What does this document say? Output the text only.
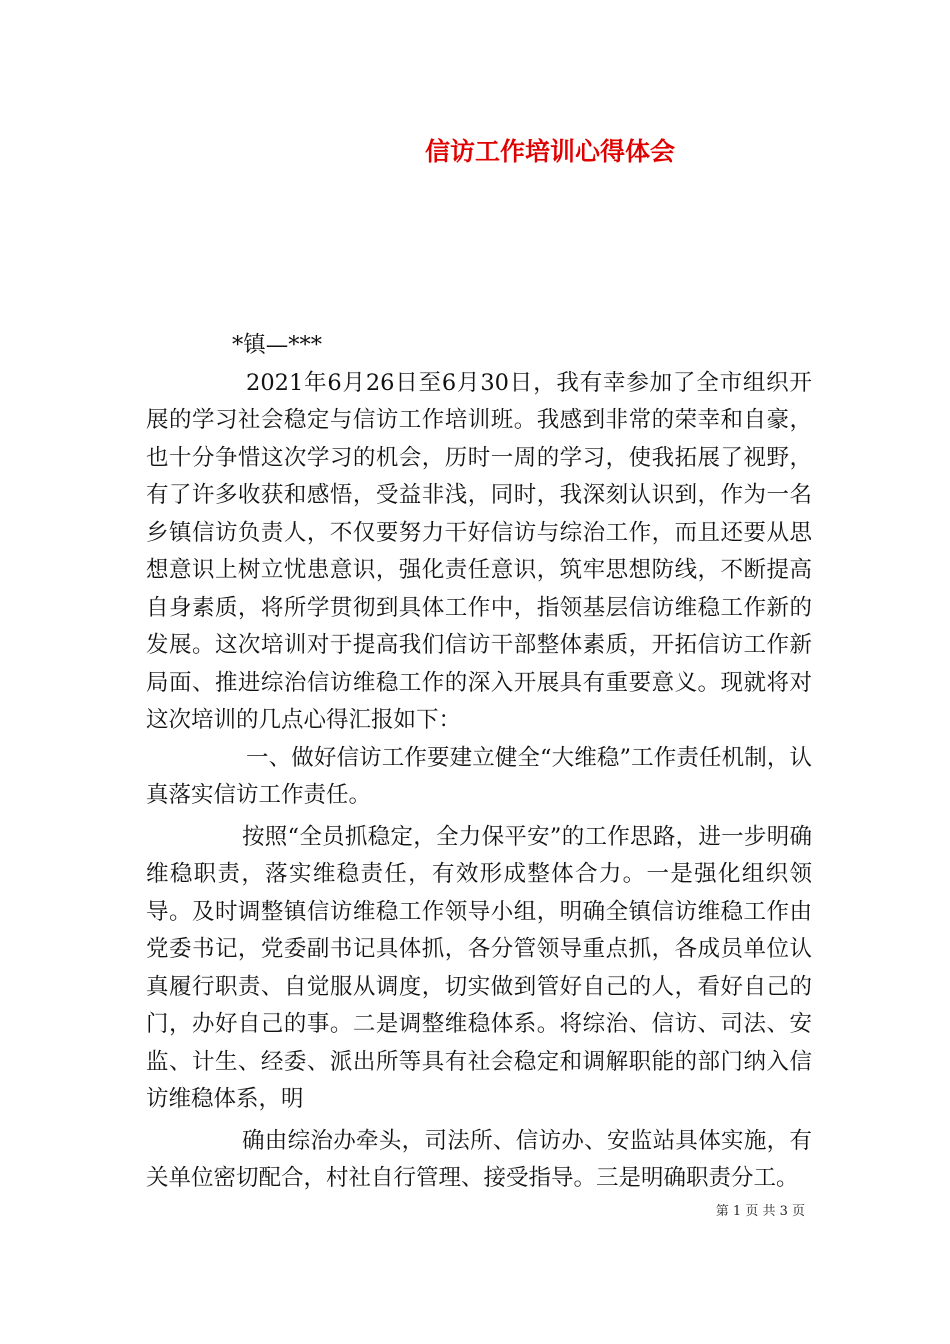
信访工作培训心得体会

*镇—***

2021年6月26日至6月30日，我有幸参加了全市组织开展的学习社会稳定与信访工作培训班。我感到非常的荣幸和自豪，也十分争惜这次学习的机会，历时一周的学习，使我拓展了视野，有了许多收获和感悟，受益非浅，同时，我深刻认识到，作为一名乡镇信访负责人，不仅要努力干好信访与综治工作，而且还要从思想意识上树立忧患意识，强化责任意识，筑牢思想防线，不断提高自身素质，将所学贯彻到具体工作中，指领基层信访维稳工作新的发展。这次培训对于提高我们信访干部整体素质，开拓信访工作新局面、推进综治信访维稳工作的深入开展具有重要意义。现就将对这次培训的几点心得汇报如下：

一、做好信访工作要建立健全“大维稳”工作责任机制，认真落实信访工作责任。

按照“全员抓稳定，全力保平安”的工作思路，进一步明确维稳职责，落实维稳责任，有效形成整体合力。一是强化组织领导。及时调整镇信访维稳工作领导小组，明确全镇信访维稳工作由党委书记，党委副书记具体抓，各分管领导重点抓，各成员单位认真履行职责、自觉服从调度，切实做到管好自己的人，看好自己的门，办好自己的事。二是调整维稳体系。将综治、信访、司法、安监、计生、经委、派出所等具有社会稳定和调解职能的部门纳入信访维稳体系，明

确由综治办牵头，司法所、信访办、安监站具体实施，有关单位密切配合，村社自行管理、接受指导。三是明确职责分工。

第 1 页 共 3 页
